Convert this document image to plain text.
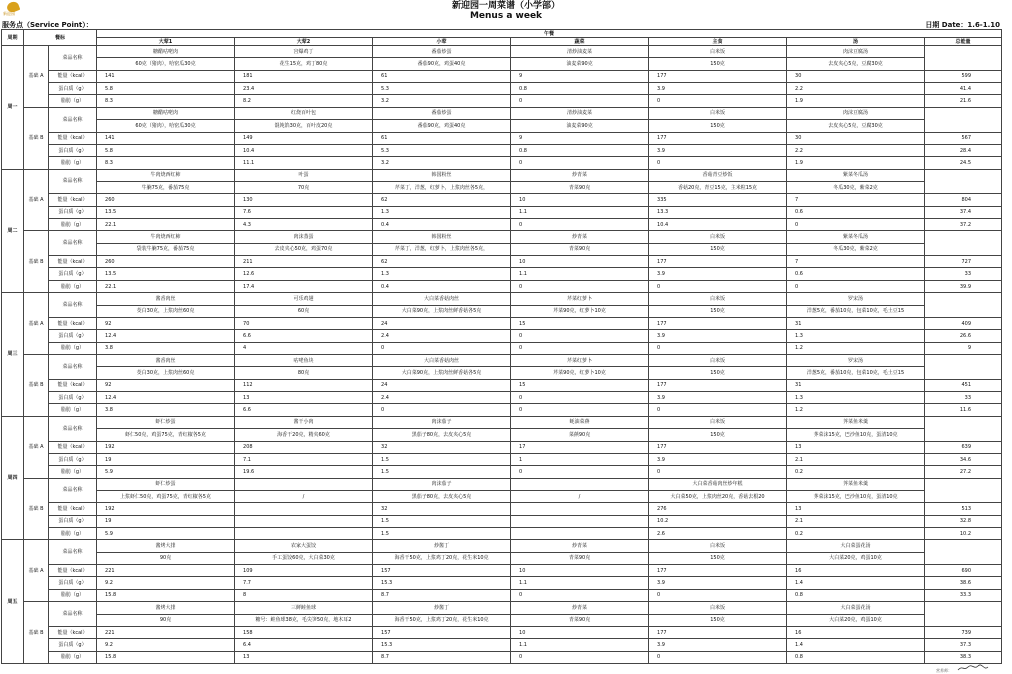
新迎园
新迎园一周菜谱（小学部）
Menus a week
服务点（Service Point）：	日期 Date：1.6-1.10
周期	餐标		午餐						
			大荤1	大荤2	小荤	蔬菜	主食	汤	总能量
周一	基础 A	菜品名称	糖醋咕咾肉	宫爆鸡丁	番茄炒蛋	清炒油麦菜	白米饭	肉沫豆腐汤	
			60克（猪肉），哈密瓜30克	花生15克，鸡丁80克	番茄90克，鸡蛋40克	油麦菜90克	150克	去皮夹心5克，豆腐30克	
		能量（kcal）	141	181	61	9	177	30	599
		蛋白质（g）	5.8	23.4	5.3	0.8	3.9	2.2	41.4
		脂肪（g）	8.3	8.2	3.2	0	0	1.9	21.6
	基础 B	菜品名称	糖醋咕咾肉	红烧百叶包	番茄炒蛋	清炒油麦菜	白米饭	肉沫豆腐汤	
			60克（猪肉），哈密瓜30克	馄饨馅30克，百叶皮20克	番茄90克，鸡蛋40克	油麦菜90克	150克	去皮夹心5克，豆腐30克	
		能量（kcal）	141	149	61	9	177	30	567
		蛋白质（g）	5.8	10.4	5.3	0.8	3.9	2.2	28.4
		脂肪（g）	8.3	11.1	3.2	0	0	1.9	24.5
周二	基础 A	菜品名称	牛肉烧西红柿	叶蛋	韩国粉丝	炒青菜	香菇青豆炒饭	紫菜冬瓜汤	
			牛腩75克，番茄75克	70克	芹菜丁，洋葱，红萝卜，上浆肉丝各5克，	青菜90克	香菇20克，青豆15克，主米粒15克	冬瓜30克，紫菜2克	
		能量（kcal）	260	130	62	10	335	7	804
		蛋白质（g）	13.5	7.6	1.3	1.1	13.3	0.6	37.4
		脂肪（g）	22.1	4.3	0.4	0	10.4	0	37.2
	基础 B	菜品名称	牛肉烧西红柿	肉沫蒸蛋	韩国粉丝	炒青菜	白米饭	紫菜冬瓜汤	
			袋装牛腩75克，番茄75克	去皮夹心50克，鸡蛋70克	芹菜丁，洋葱，红萝卜，上浆肉丝各5克，	青菜90克	150克	冬瓜30克，紫菜2克	
		能量（kcal）	260	211	62	10	177	7	727
		蛋白质（g）	13.5	12.6	1.3	1.1	3.9	0.6	33
		脂肪（g）	22.1	17.4	0.4	0	0	0	39.9
周三	基础 A	菜品名称	酱香肉丝	可乐鸡翅	大白菜香菇肉丝	芹菜红萝卜	白米饭	罗宋汤	
			茭白30克，上浆肉丝60克	60克	大白菜90克，上浆肉丝鲜香菇各5克	芹菜90克，红萝卜10克	150克	洋葱5克，番茄10克，包菜10克，毛土豆15	
		能量（kcal）	92	70	24	15	177	31	409
		蛋白质（g）	12.4	6.6	2.4	0	3.9	1.3	26.6
		脂肪（g）	3.8	4	0	0	0	1.2	9
	基础 B	菜品名称	酱香肉丝	咕咾鱼块	大白菜香菇肉丝	芹菜红萝卜	白米饭	罗宋汤	
			茭白30克，上浆肉丝60克	80克	大白菜90克，上浆肉丝鲜香菇各5克	芹菜90克，红萝卜10克	150克	洋葱5克，番茄10克，包菜10克，毛土豆15	
		能量（kcal）	92	112	24	15	177	31	451
		蛋白质（g）	12.4	13	2.4	0	3.9	1.3	33
		脂肪（g）	3.8	6.6	0	0	0	1.2	11.6
周四	基础 A	菜品名称	虾仁炒蛋	酱干小肉	肉沫茄子	蚝油菜蕻	白米饭	荠菜鱼米羹	
			虾仁50克，鸡蛋75克，青红椒各5克	海香干20克，精夹60克	黑茄子80克，去皮夹心5克	菜蕻90克	150克	荠菜沫15克，巴沙鱼10克，蛋清10克	
		能量（kcal）	192	208	32	17	177	13	639
		蛋白质（g）	19	7.1	1.5	1	3.9	2.1	34.6
		脂肪（g）	5.9	19.6	1.5	0	0	0.2	27.2
	基础 B	菜品名称	虾仁炒蛋		肉沫茄子		大白菜香菇肉丝炒年糕	荠菜鱼米羹	
			上浆虾仁50克，鸡蛋75克，青红椒各5克	/	黑茄子80克，去皮夹心5克	/	大白菜50克，上浆肉丝20克，香菇去根20	荠菜沫15克，巴沙鱼10克，蛋清10克	
		能量（kcal）	192		32		276	13	513
		蛋白质（g）	19		1.5		10.2	2.1	32.8
		脂肪（g）	5.9		1.5		2.6	0.2	10.2
周五	基础 A	菜品名称	酱烤大排	农家大蛋饺	炒酱丁	炒青菜	白米饭	大白菜蛋花汤	
			90克	手工蛋饺60克，大白菜30克	海香干50克，上浆鸡丁20克，花生米10克	青菜90克	150克	大白菜20克，鸡蛋10克	
		能量（kcal）	221	109	157	10	177	16	690
		蛋白质（g）	9.2	7.7	15.3	1.1	3.9	1.4	38.6
		脂肪（g）	15.8	8	8.7	0	0	0.8	33.3
	基础 B	菜品名称	酱烤大排	三鲜鲑鱼球	炒酱丁	炒青菜	白米饭	大白菜蛋花汤	
			90克	糖号：鲑鱼球38克，毛尖笋50克，地木耳2	海香干50克，上浆鸡丁20克，花生米10克	青菜90克	150克	大白菜20克，鸡蛋10克	
		能量（kcal）	221	158	157	10	177	16	739
		蛋白质（g）	9.2	6.4	15.3	1.1	3.9	1.4	37.3
		脂肪（g）	15.8	13	8.7	0	0	0.8	38.3
营养师：
